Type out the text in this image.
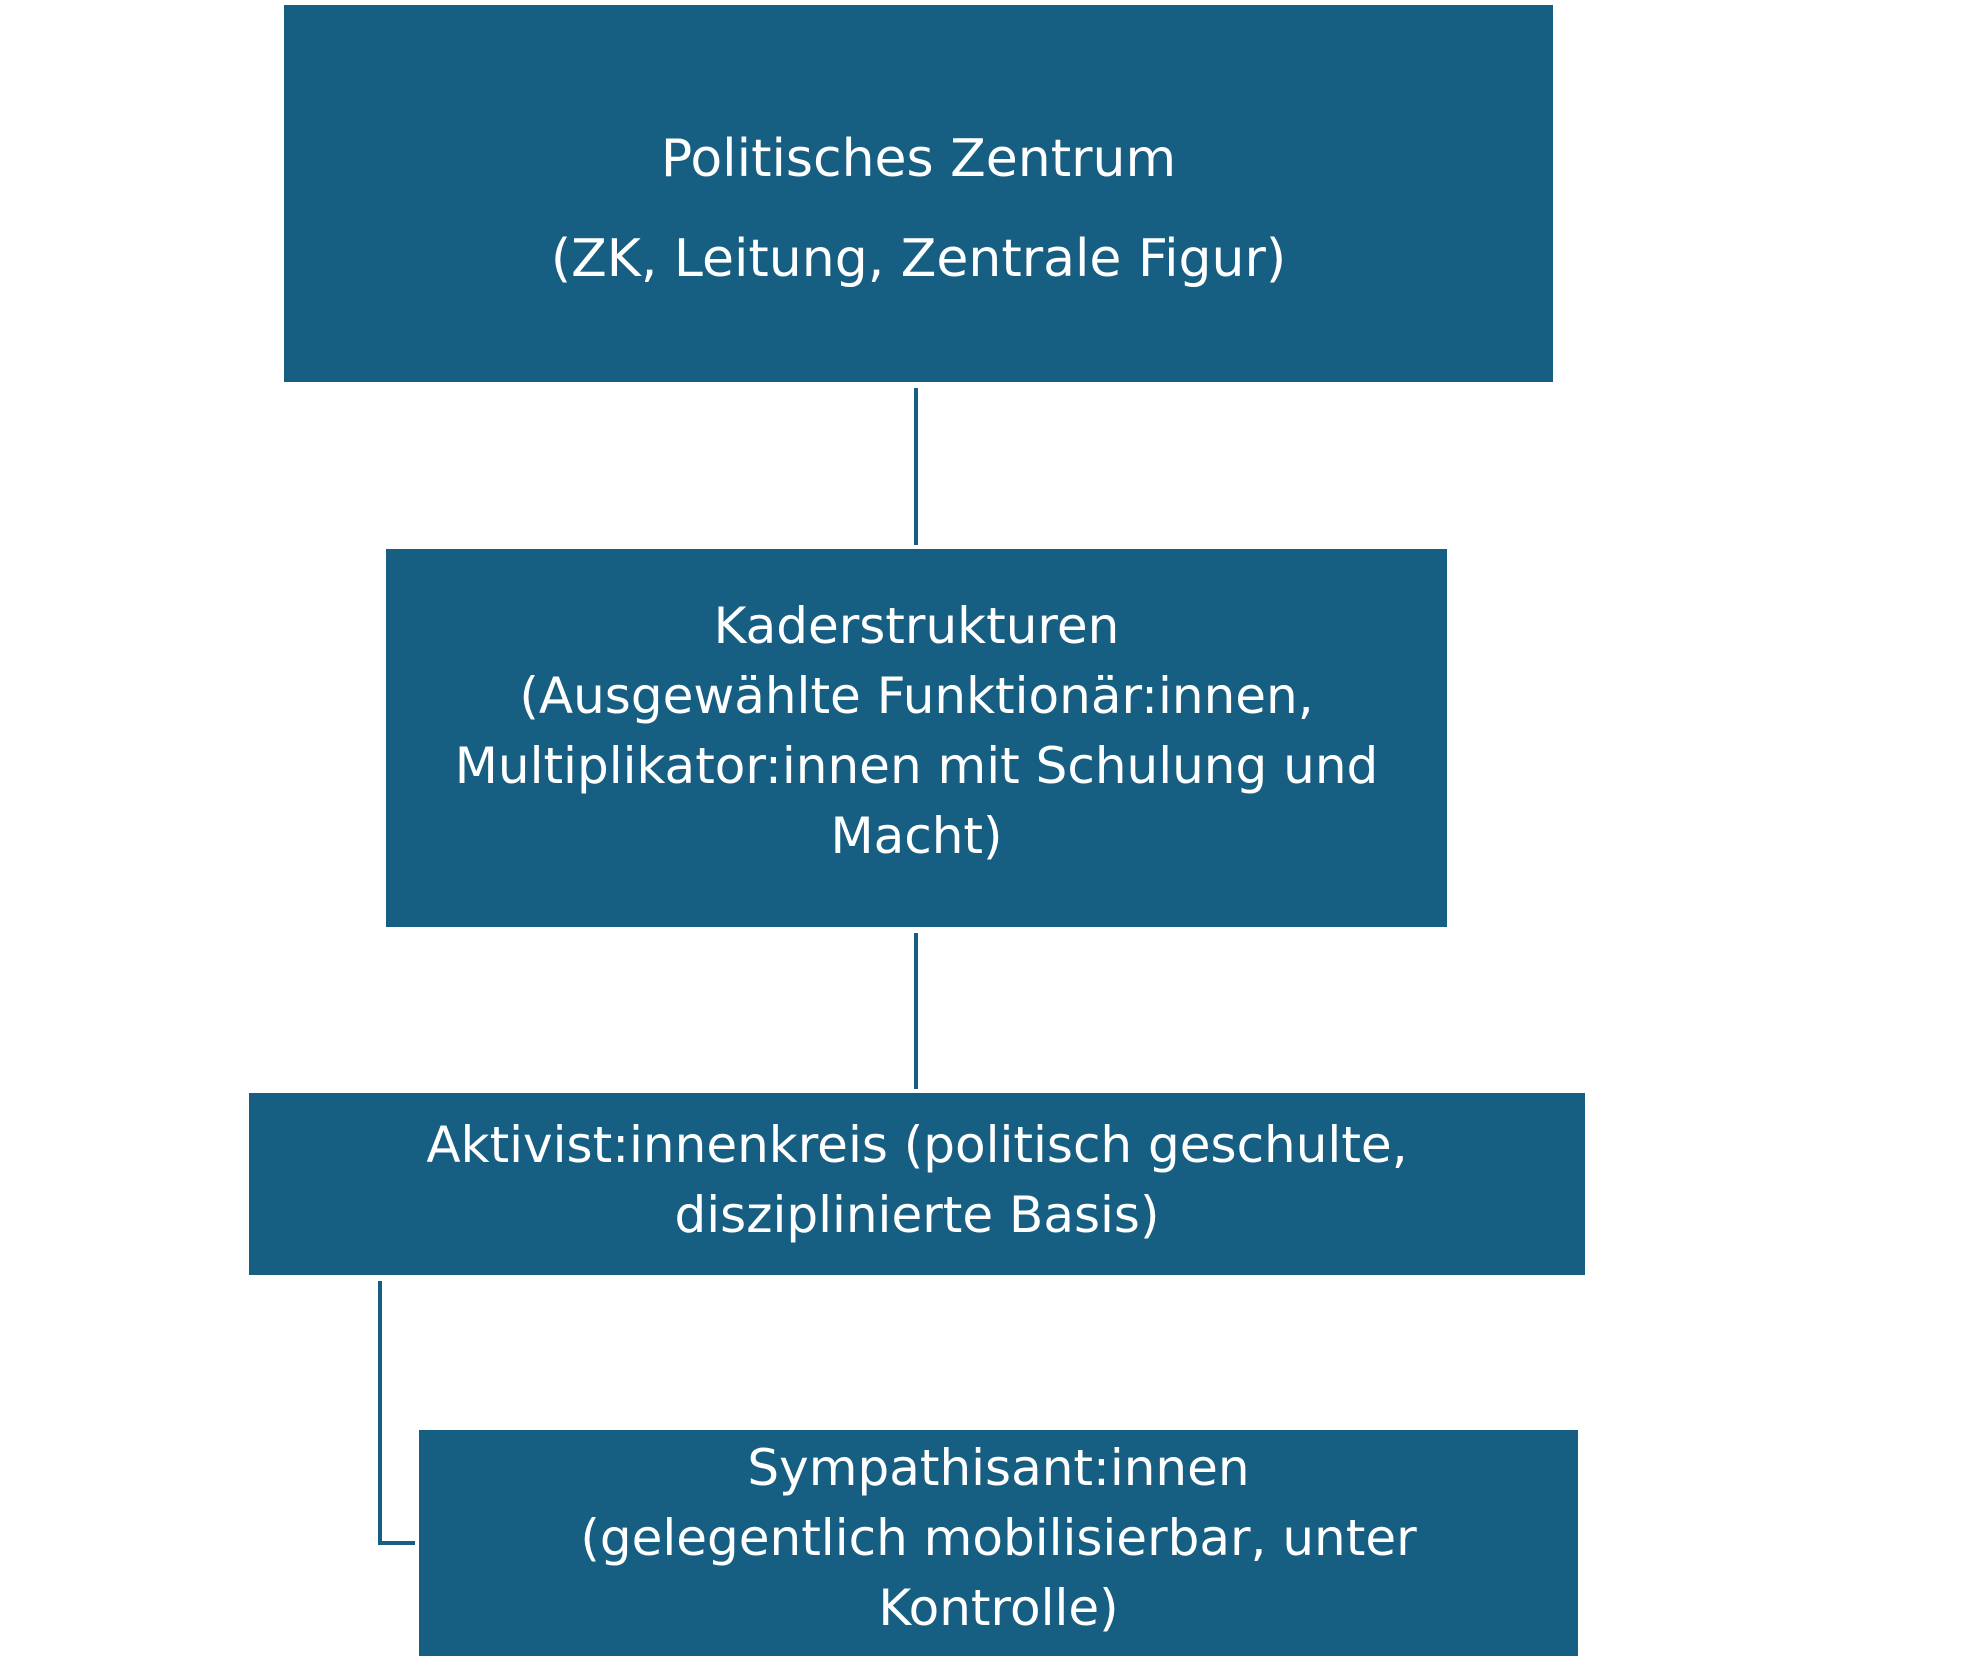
Politisches Zentrum
(ZK, Leitung, Zentrale Figur)
Kaderstrukturen
(Ausgewählte Funktionär:innen,
Multiplikator:innen mit Schulung und
Macht)
Aktivist:innenkreis (politisch geschulte,
disziplinierte Basis)
Sympathisant:innen
(gelegentlich mobilisierbar, unter
Kontrolle)
